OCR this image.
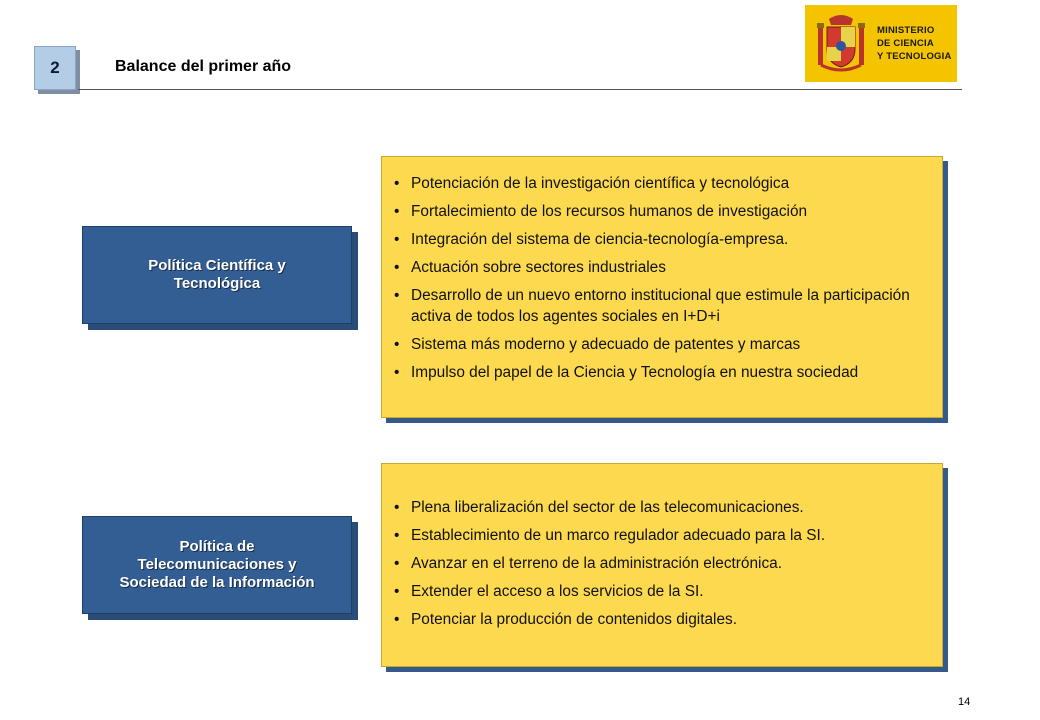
2	Balance del primer año
MINISTERIO
DE CIENCIA
Y TECNOLOGIA
Política Científica y
Tecnológica
• Potenciación de la investigación científica y tecnológica
• Fortalecimiento de los recursos humanos de investigación
• Integración del sistema de ciencia-tecnología-empresa.
• Actuación sobre sectores industriales
• Desarrollo de un nuevo entorno institucional que estimule la participación activa de todos los agentes sociales en I+D+i
• Sistema más moderno y adecuado de patentes y marcas
• Impulso del papel de la Ciencia y Tecnología en nuestra sociedad
Política de
Telecomunicaciones y
Sociedad de la Información
• Plena liberalización del sector de las telecomunicaciones.
• Establecimiento de un marco regulador adecuado para la SI.
• Avanzar en el terreno de la administración electrónica.
• Extender el acceso a los servicios de la SI.
• Potenciar la producción de contenidos digitales.
14
